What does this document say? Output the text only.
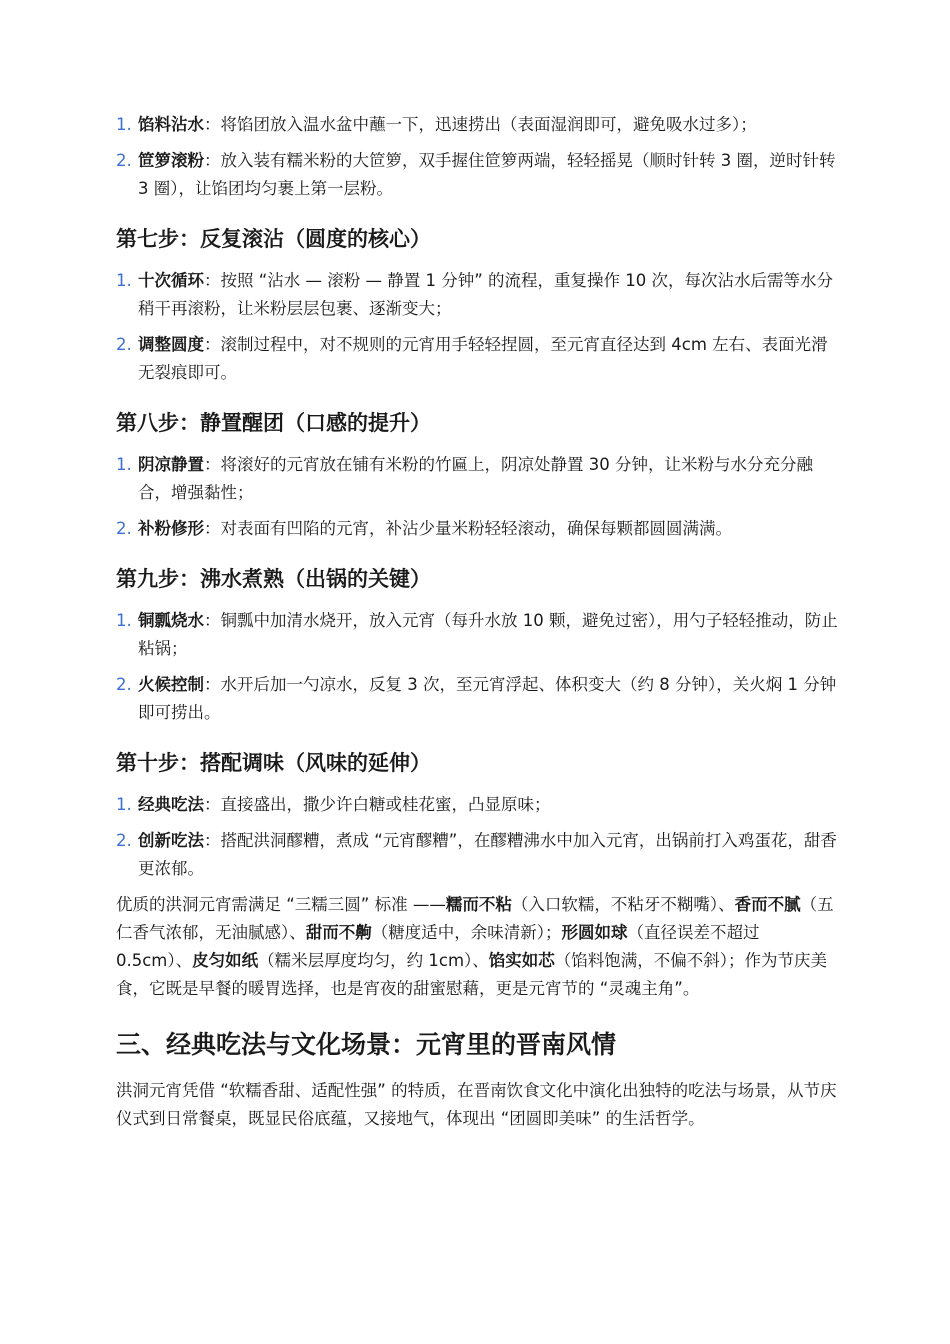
1. 馅料沾水：将馅团放入温水盆中蘸一下，迅速捞出（表面湿润即可，避免吸水过多）；
2. 笸箩滚粉：放入装有糯米粉的大笸箩，双手握住笸箩两端，轻轻摇晃（顺时针转 3 圈，逆时针转 3 圈），让馅团均匀裹上第一层粉。
第七步：反复滚沾（圆度的核心）
1. 十次循环：按照 “沾水 — 滚粉 — 静置 1 分钟” 的流程，重复操作 10 次，每次沾水后需等水分稍干再滚粉，让米粉层层包裹、逐渐变大；
2. 调整圆度：滚制过程中，对不规则的元宵用手轻轻捏圆，至元宵直径达到 4cm 左右、表面光滑无裂痕即可。
第八步：静置醒团（口感的提升）
1. 阴凉静置：将滚好的元宵放在铺有米粉的竹匾上，阴凉处静置 30 分钟，让米粉与水分充分融合，增强黏性；
2. 补粉修形：对表面有凹陷的元宵，补沾少量米粉轻轻滚动，确保每颗都圆圆满满。
第九步：沸水煮熟（出锅的关键）
1. 铜瓢烧水：铜瓢中加清水烧开，放入元宵（每升水放 10 颗，避免过密），用勺子轻轻推动，防止粘锅；
2. 火候控制：水开后加一勺凉水，反复 3 次，至元宵浮起、体积变大（约 8 分钟），关火焖 1 分钟即可捞出。
第十步：搭配调味（风味的延伸）
1. 经典吃法：直接盛出，撒少许白糖或桂花蜜，凸显原味；
2. 创新吃法：搭配洪洞醪糟，煮成 “元宵醪糟”，在醪糟沸水中加入元宵，出锅前打入鸡蛋花，甜香更浓郁。

优质的洪洞元宵需满足 “三糯三圆” 标准 ——糯而不粘（入口软糯，不粘牙不糊嘴）、香而不腻（五仁香气浓郁，无油腻感）、甜而不齁（糖度适中，余味清新）；形圆如球（直径误差不超过 0.5cm）、皮匀如纸（糯米层厚度均匀，约 1cm）、馅实如芯（馅料饱满，不偏不斜）；作为节庆美食，它既是早餐的暖胃选择，也是宵夜的甜蜜慰藉，更是元宵节的 “灵魂主角”。

三、经典吃法与文化场景：元宵里的晋南风情

洪洞元宵凭借 “软糯香甜、适配性强” 的特质，在晋南饮食文化中演化出独特的吃法与场景，从节庆仪式到日常餐桌，既显民俗底蕴，又接地气，体现出 “团圆即美味” 的生活哲学。
